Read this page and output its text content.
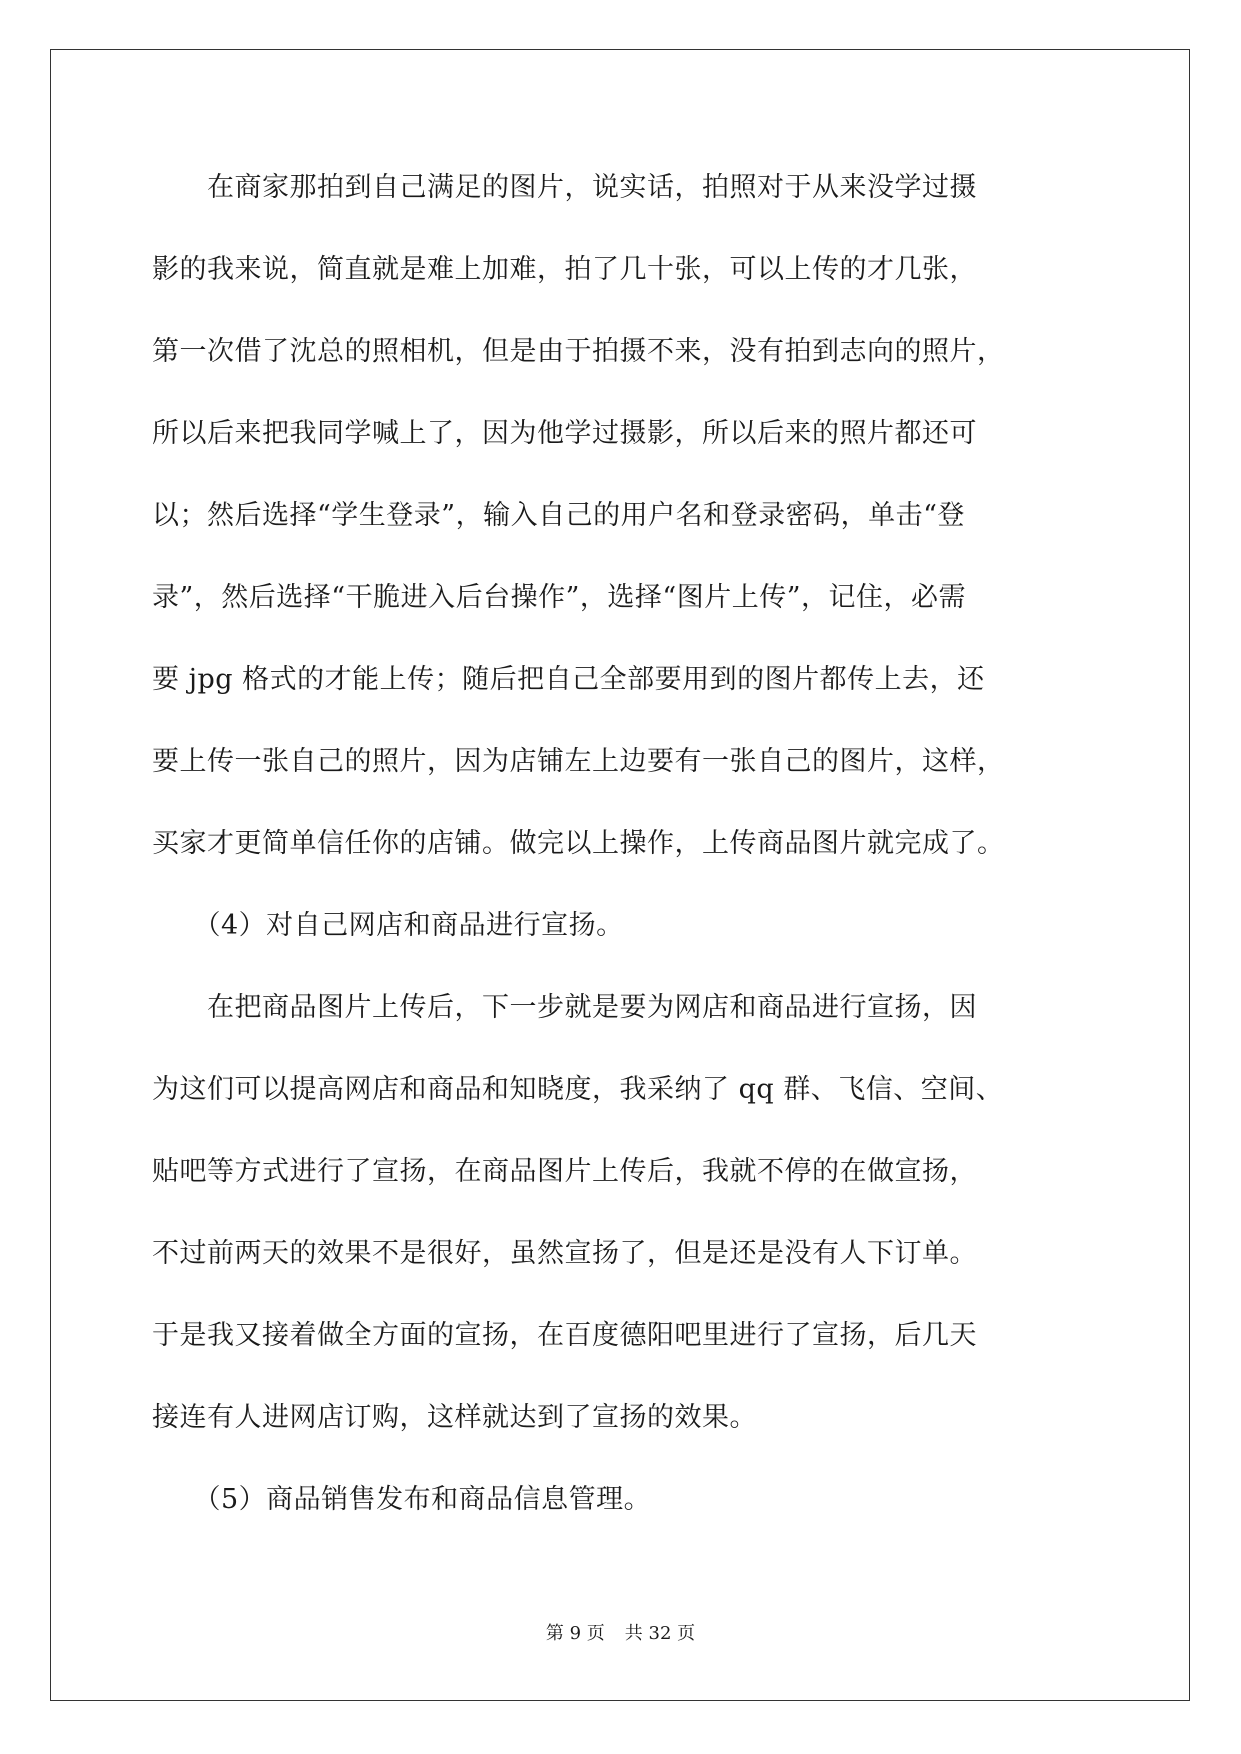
　　在商家那拍到自己满足的图片，说实话，拍照对于从来没学过摄
影的我来说，简直就是难上加难，拍了几十张，可以上传的才几张，
第一次借了沈总的照相机，但是由于拍摄不来，没有拍到志向的照片，
所以后来把我同学喊上了，因为他学过摄影，所以后来的照片都还可
以；然后选择“学生登录”，输入自己的用户名和登录密码，单击“登
录”，然后选择“干脆进入后台操作”，选择“图片上传”，记住，必需
要 jpg 格式的才能上传；随后把自己全部要用到的图片都传上去，还
要上传一张自己的照片，因为店铺左上边要有一张自己的图片，这样，
买家才更简单信任你的店铺。做完以上操作，上传商品图片就完成了。
　　（4）对自己网店和商品进行宣扬。
　　在把商品图片上传后，下一步就是要为网店和商品进行宣扬，因
为这们可以提高网店和商品和知晓度，我采纳了 qq 群、飞信、空间、
贴吧等方式进行了宣扬，在商品图片上传后，我就不停的在做宣扬，
不过前两天的效果不是很好，虽然宣扬了，但是还是没有人下订单。
于是我又接着做全方面的宣扬，在百度德阳吧里进行了宣扬，后几天
接连有人进网店订购，这样就达到了宣扬的效果。
　　（5）商品销售发布和商品信息管理。
第 9 页 共 32 页
